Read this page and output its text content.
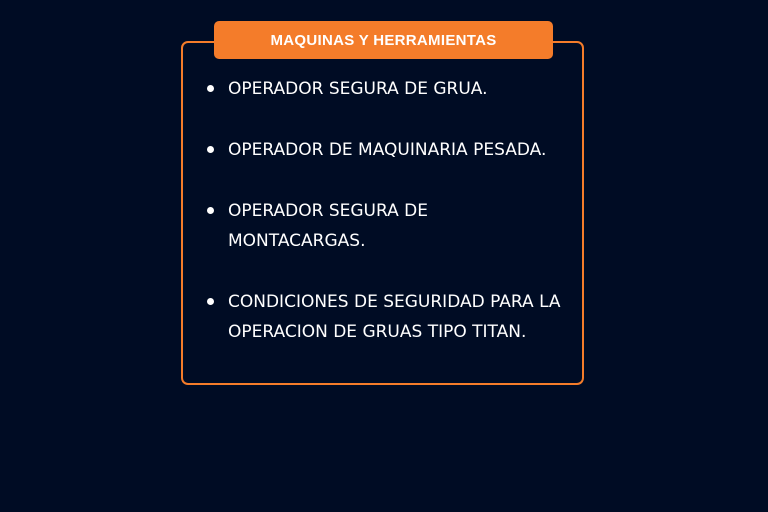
MAQUINAS Y HERRAMIENTAS
OPERADOR SEGURA DE GRUA.
OPERADOR DE MAQUINARIA PESADA.
OPERADOR SEGURA DE MONTACARGAS.
CONDICIONES DE SEGURIDAD PARA LA OPERACION DE GRUAS TIPO TITAN.
